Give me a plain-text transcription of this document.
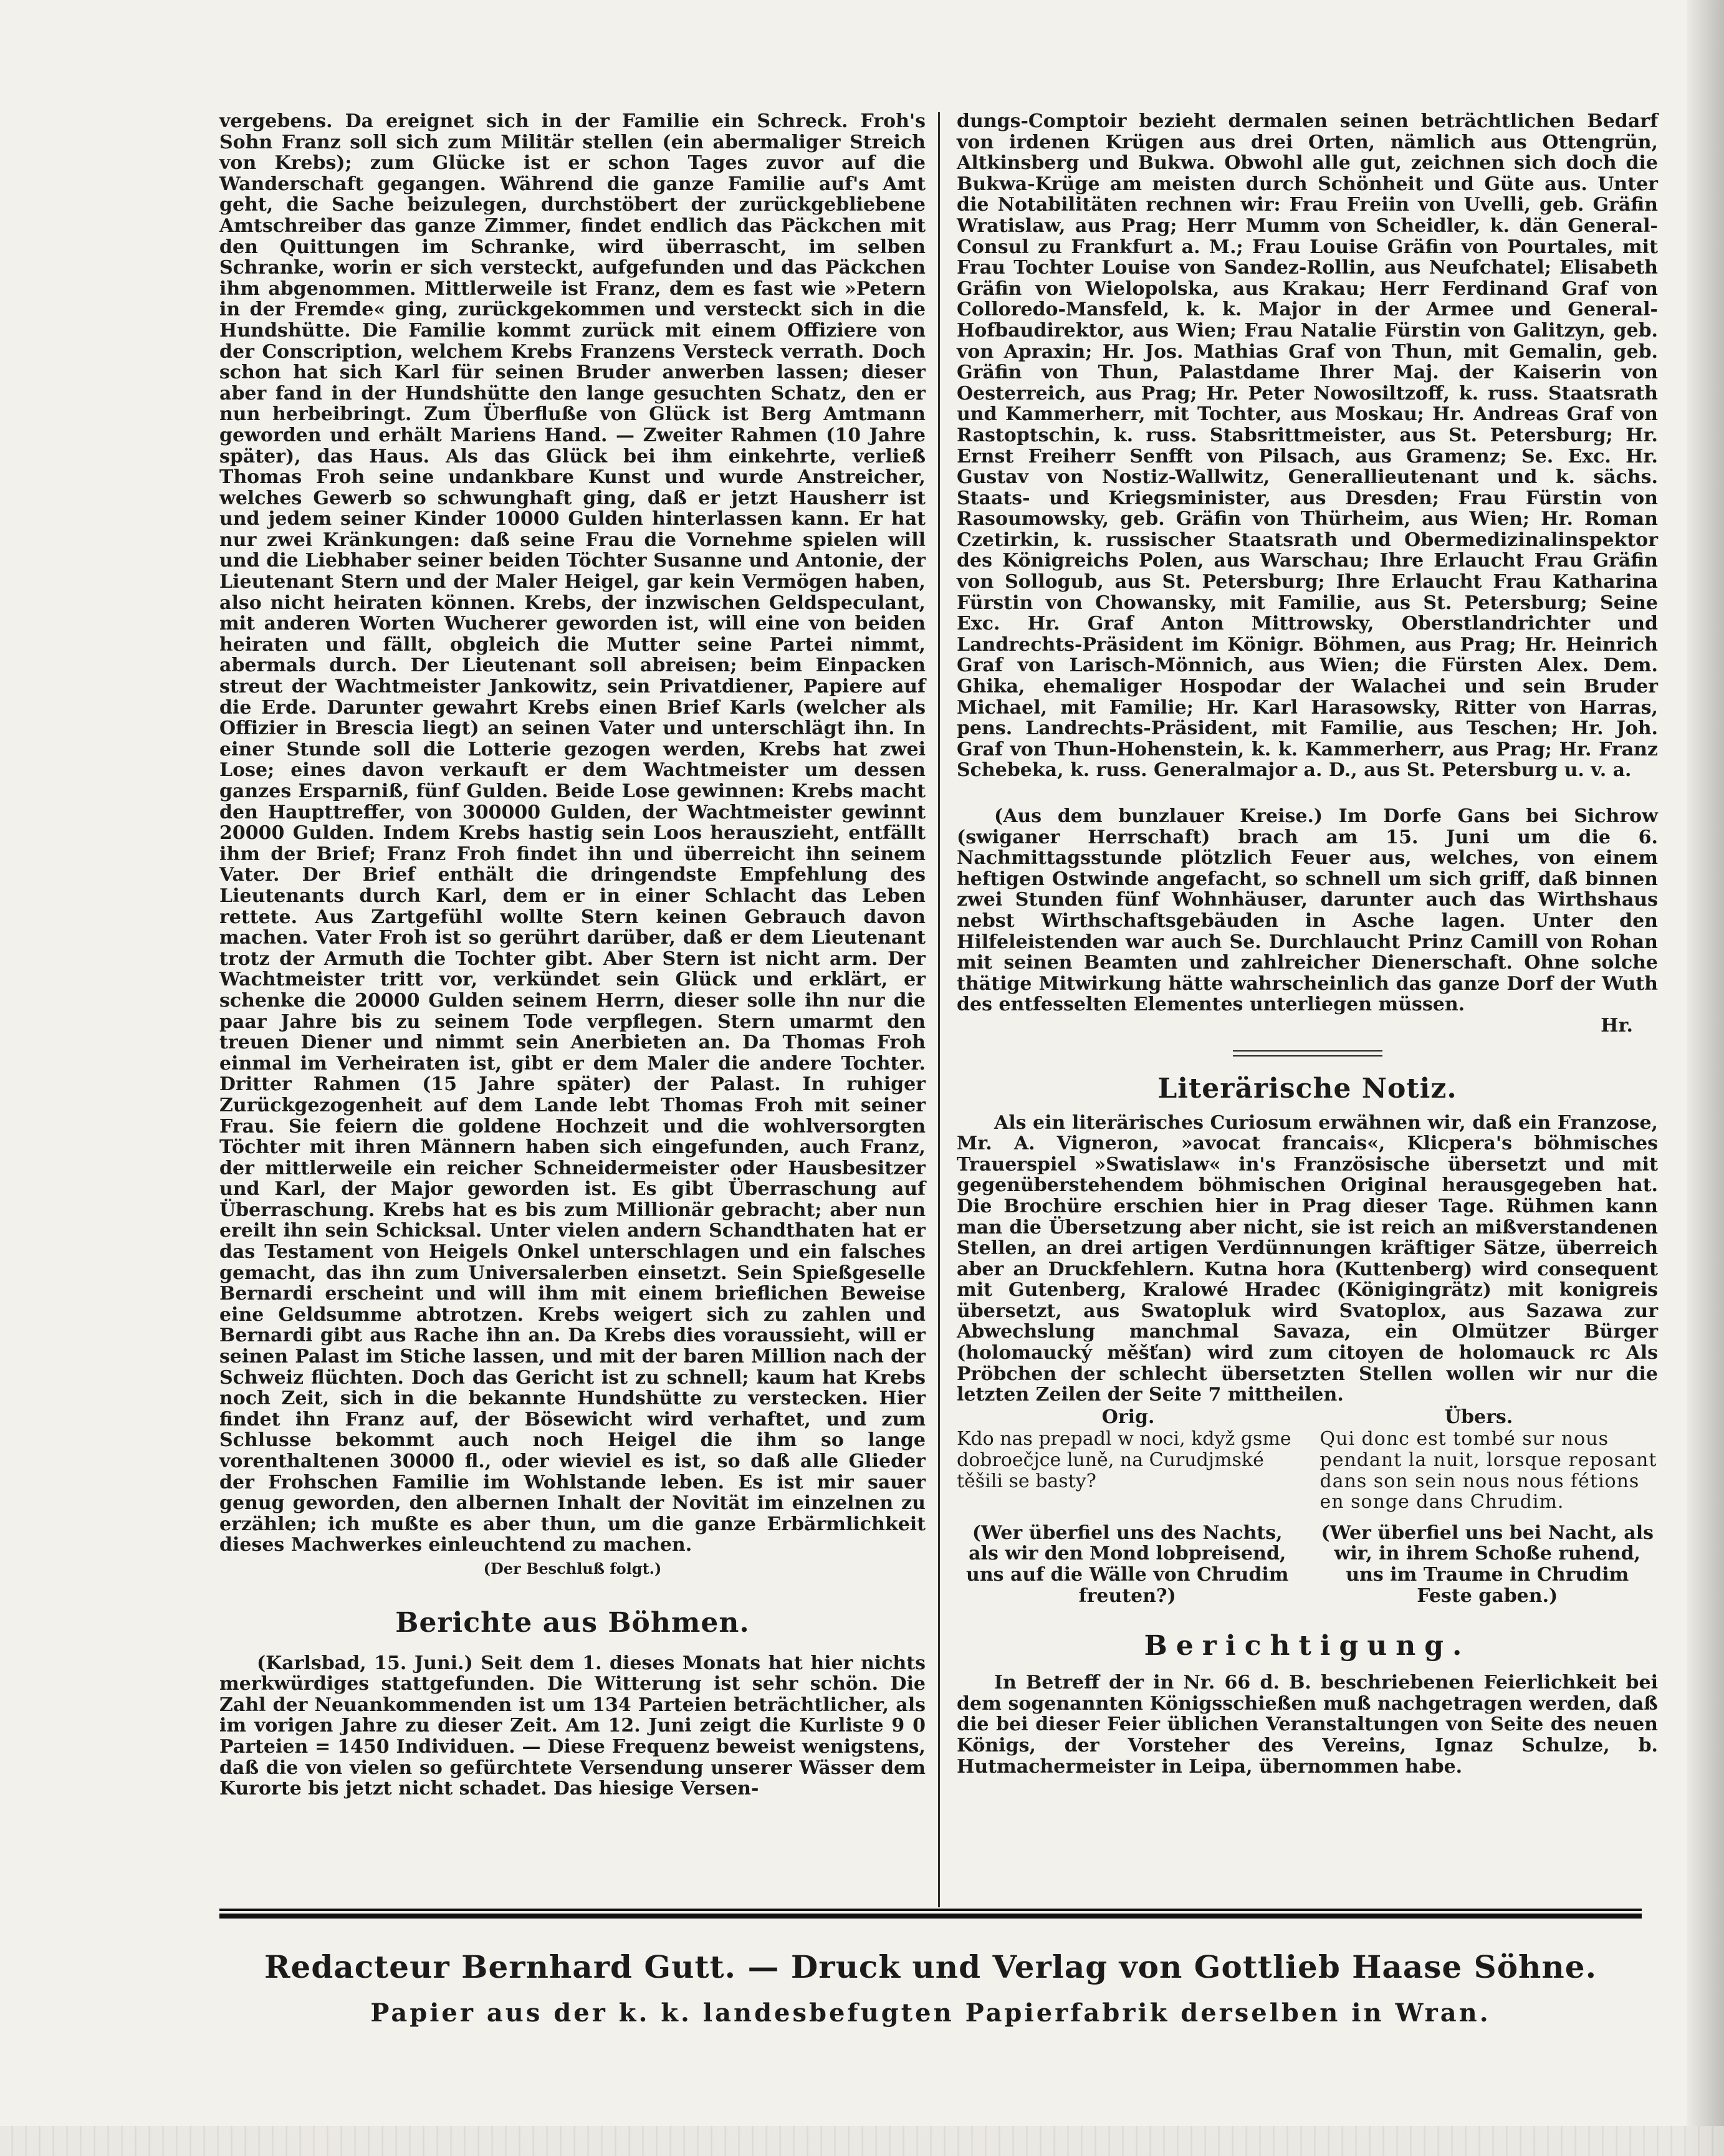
vergebens. Da ereignet sich in der Familie ein Schreck. Froh's Sohn Franz soll sich zum Militär stellen (ein abermaliger Streich von Krebs); zum Glücke ist er schon Tages zuvor auf die Wanderschaft gegangen. Während die ganze Familie auf's Amt geht, die Sache beizulegen, durchstöbert der zurückgebliebene Amtschreiber das ganze Zimmer, findet endlich das Päckchen mit den Quittungen im Schranke, wird überrascht, im selben Schranke, worin er sich versteckt, aufgefunden und das Päckchen ihm abgenommen. Mittlerweile ist Franz, dem es fast wie »Petern in der Fremde« ging, zurückgekommen und versteckt sich in die Hundshütte. Die Familie kommt zurück mit einem Offiziere von der Conscription, welchem Krebs Franzens Versteck verrath. Doch schon hat sich Karl für seinen Bruder anwerben lassen; dieser aber fand in der Hundshütte den lange gesuchten Schatz, den er nun herbeibringt. Zum Überfluße von Glück ist Berg Amtmann geworden und erhält Mariens Hand. — Zweiter Rahmen (10 Jahre später), das Haus. Als das Glück bei ihm einkehrte, verließ Thomas Froh seine undankbare Kunst und wurde Anstreicher, welches Gewerb so schwunghaft ging, daß er jetzt Hausherr ist und jedem seiner Kinder 10000 Gulden hinterlassen kann. Er hat nur zwei Kränkungen: daß seine Frau die Vornehme spielen will und die Liebhaber seiner beiden Töchter Susanne und Antonie, der Lieutenant Stern und der Maler Heigel, gar kein Vermögen haben, also nicht heiraten können. Krebs, der inzwischen Geldspeculant, mit anderen Worten Wucherer geworden ist, will eine von beiden heiraten und fällt, obgleich die Mutter seine Partei nimmt, abermals durch. Der Lieutenant soll abreisen; beim Einpacken streut der Wachtmeister Jankowitz, sein Privatdiener, Papiere auf die Erde. Darunter gewahrt Krebs einen Brief Karls (welcher als Offizier in Brescia liegt) an seinen Vater und unterschlägt ihn. In einer Stunde soll die Lotterie gezogen werden, Krebs hat zwei Lose; eines davon verkauft er dem Wachtmeister um dessen ganzes Ersparniß, fünf Gulden. Beide Lose gewinnen: Krebs macht den Haupttreffer, von 300000 Gulden, der Wachtmeister gewinnt 20000 Gulden. Indem Krebs hastig sein Loos herauszieht, entfällt ihm der Brief; Franz Froh findet ihn und überreicht ihn seinem Vater. Der Brief enthält die dringendste Empfehlung des Lieutenants durch Karl, dem er in einer Schlacht das Leben rettete. Aus Zartgefühl wollte Stern keinen Gebrauch davon machen. Vater Froh ist so gerührt darüber, daß er dem Lieutenant trotz der Armuth die Tochter gibt. Aber Stern ist nicht arm. Der Wachtmeister tritt vor, verkündet sein Glück und erklärt, er schenke die 20000 Gulden seinem Herrn, dieser solle ihn nur die paar Jahre bis zu seinem Tode verpflegen. Stern umarmt den treuen Diener und nimmt sein Anerbieten an. Da Thomas Froh einmal im Verheiraten ist, gibt er dem Maler die andere Tochter. Dritter Rahmen (15 Jahre später) der Palast. In ruhiger Zurückgezogenheit auf dem Lande lebt Thomas Froh mit seiner Frau. Sie feiern die goldene Hochzeit und die wohlversorgten Töchter mit ihren Männern haben sich eingefunden, auch Franz, der mittlerweile ein reicher Schneidermeister oder Hausbesitzer und Karl, der Major geworden ist. Es gibt Überraschung auf Überraschung. Krebs hat es bis zum Millionär gebracht; aber nun ereilt ihn sein Schicksal. Unter vielen andern Schandthaten hat er das Testament von Heigels Onkel unterschlagen und ein falsches gemacht, das ihn zum Universalerben einsetzt. Sein Spießgeselle Bernardi erscheint und will ihm mit einem brieflichen Beweise eine Geldsumme abtrotzen. Krebs weigert sich zu zahlen und Bernardi gibt aus Rache ihn an. Da Krebs dies voraussieht, will er seinen Palast im Stiche lassen, und mit der baren Million nach der Schweiz flüchten. Doch das Gericht ist zu schnell; kaum hat Krebs noch Zeit, sich in die bekannte Hundshütte zu verstecken. Hier findet ihn Franz auf, der Bösewicht wird verhaftet, und zum Schlusse bekommt auch noch Heigel die ihm so lange vorenthaltenen 30000 fl., oder wieviel es ist, so daß alle Glieder der Frohschen Familie im Wohlstande leben. Es ist mir sauer genug geworden, den albernen Inhalt der Novität im einzelnen zu erzählen; ich mußte es aber thun, um die ganze Erbärmlichkeit dieses Machwerkes einleuchtend zu machen.

(Der Beschluß folgt.)

Berichte aus Böhmen.

(Karlsbad, 15. Juni.) Seit dem 1. dieses Monats hat hier nichts merkwürdiges stattgefunden. Die Witterung ist sehr schön. Die Zahl der Neuankommenden ist um 134 Parteien beträchtlicher, als im vorigen Jahre zu dieser Zeit. Am 12. Juni zeigt die Kurliste 9 0 Parteien = 1450 Individuen. — Diese Frequenz beweist wenigstens, daß die von vielen so gefürchtete Versendung unserer Wässer dem Kurorte bis jetzt nicht schadet. Das hiesige Versen-

dungs-Comptoir bezieht dermalen seinen beträchtlichen Bedarf von irdenen Krügen aus drei Orten, nämlich aus Ottengrün, Altkinsberg und Bukwa. Obwohl alle gut, zeichnen sich doch die Bukwa-Krüge am meisten durch Schönheit und Güte aus. Unter die Notabilitäten rechnen wir: Frau Freiin von Uvelli, geb. Gräfin Wratislaw, aus Prag; Herr Mumm von Scheidler, k. dän General-Consul zu Frankfurt a. M.; Frau Louise Gräfin von Pourtales, mit Frau Tochter Louise von Sandez-Rollin, aus Neufchatel; Elisabeth Gräfin von Wielopolska, aus Krakau; Herr Ferdinand Graf von Colloredo-Mansfeld, k. k. Major in der Armee und General-Hofbaudirektor, aus Wien; Frau Natalie Fürstin von Galitzyn, geb. von Apraxin; Hr. Jos. Mathias Graf von Thun, mit Gemalin, geb. Gräfin von Thun, Palastdame Ihrer Maj. der Kaiserin von Oesterreich, aus Prag; Hr. Peter Nowosiltzoff, k. russ. Staatsrath und Kammerherr, mit Tochter, aus Moskau; Hr. Andreas Graf von Rastoptschin, k. russ. Stabsrittmeister, aus St. Petersburg; Hr. Ernst Freiherr Senfft von Pilsach, aus Gramenz; Se. Exc. Hr. Gustav von Nostiz-Wallwitz, Generallieutenant und k. sächs. Staats- und Kriegsminister, aus Dresden; Frau Fürstin von Rasoumowsky, geb. Gräfin von Thürheim, aus Wien; Hr. Roman Czetirkin, k. russischer Staatsrath und Obermedizinalinspektor des Königreichs Polen, aus Warschau; Ihre Erlaucht Frau Gräfin von Sollogub, aus St. Petersburg; Ihre Erlaucht Frau Katharina Fürstin von Chowansky, mit Familie, aus St. Petersburg; Seine Exc. Hr. Graf Anton Mittrowsky, Oberstlandrichter und Landrechts-Präsident im Königr. Böhmen, aus Prag; Hr. Heinrich Graf von Larisch-Mönnich, aus Wien; die Fürsten Alex. Dem. Ghika, ehemaliger Hospodar der Walachei und sein Bruder Michael, mit Familie; Hr. Karl Harasowsky, Ritter von Harras, pens. Landrechts-Präsident, mit Familie, aus Teschen; Hr. Joh. Graf von Thun-Hohenstein, k. k. Kammerherr, aus Prag; Hr. Franz Schebeka, k. russ. Generalmajor a. D., aus St. Petersburg u. v. a.

(Aus dem bunzlauer Kreise.) Im Dorfe Gans bei Sichrow (swiganer Herrschaft) brach am 15. Juni um die 6. Nachmittagsstunde plötzlich Feuer aus, welches, von einem heftigen Ostwinde angefacht, so schnell um sich griff, daß binnen zwei Stunden fünf Wohnhäuser, darunter auch das Wirthshaus nebst Wirthschaftsgebäuden in Asche lagen. Unter den Hilfeleistenden war auch Se. Durchlaucht Prinz Camill von Rohan mit seinen Beamten und zahlreicher Dienerschaft. Ohne solche thätige Mitwirkung hätte wahrscheinlich das ganze Dorf der Wuth des entfesselten Elementes unterliegen müssen.

Hr.

Literärische Notiz.

Als ein literärisches Curiosum erwähnen wir, daß ein Franzose, Mr. A. Vigneron, »avocat francais«, Klicpera's böhmisches Trauerspiel »Swatislaw« in's Französische übersetzt und mit gegenüberstehendem böhmischen Original herausgegeben hat. Die Brochüre erschien hier in Prag dieser Tage. Rühmen kann man die Übersetzung aber nicht, sie ist reich an mißverstandenen Stellen, an drei artigen Verdünnungen kräftiger Sätze, überreich aber an Druckfehlern. Kutna hora (Kuttenberg) wird consequent mit Gutenberg, Kralowé Hradec (Königingrätz) mit konigreis übersetzt, aus Swatopluk wird Svatoplox, aus Sazawa zur Abwechslung manchmal Savaza, ein Olmützer Bürger (holomaucký měšťan) wird zum citoyen de holomauck rc Als Pröbchen der schlecht übersetzten Stellen wollen wir nur die letzten Zeilen der Seite 7 mittheilen.

Orig.	Übers.
Kdo nas prepadl w noci, když gsme dobroečjce luně, na Curudjmské těšili se basty?
Qui donc est tombé sur nous pendant la nuit, lorsque reposant dans son sein nous nous fétions en songe dans Chrudim.
(Wer überfiel uns des Nachts, als wir den Mond lobpreisend, uns auf die Wälle von Chrudim freuten?)
(Wer überfiel uns bei Nacht, als wir, in ihrem Schoße ruhend, uns im Traume in Chrudim Feste gaben.)
Berichtigung.

In Betreff der in Nr. 66 d. B. beschriebenen Feierlichkeit bei dem sogenannten Königsschießen muß nachgetragen werden, daß die bei dieser Feier üblichen Veranstaltungen von Seite des neuen Königs, der Vorsteher des Vereins, Ignaz Schulze, b. Hutmachermeister in Leipa, übernommen habe.

Redacteur Bernhard Gutt. — Druck und Verlag von Gottlieb Haase Söhne.
Papier aus der k. k. landesbefugten Papierfabrik derselben in Wran.
